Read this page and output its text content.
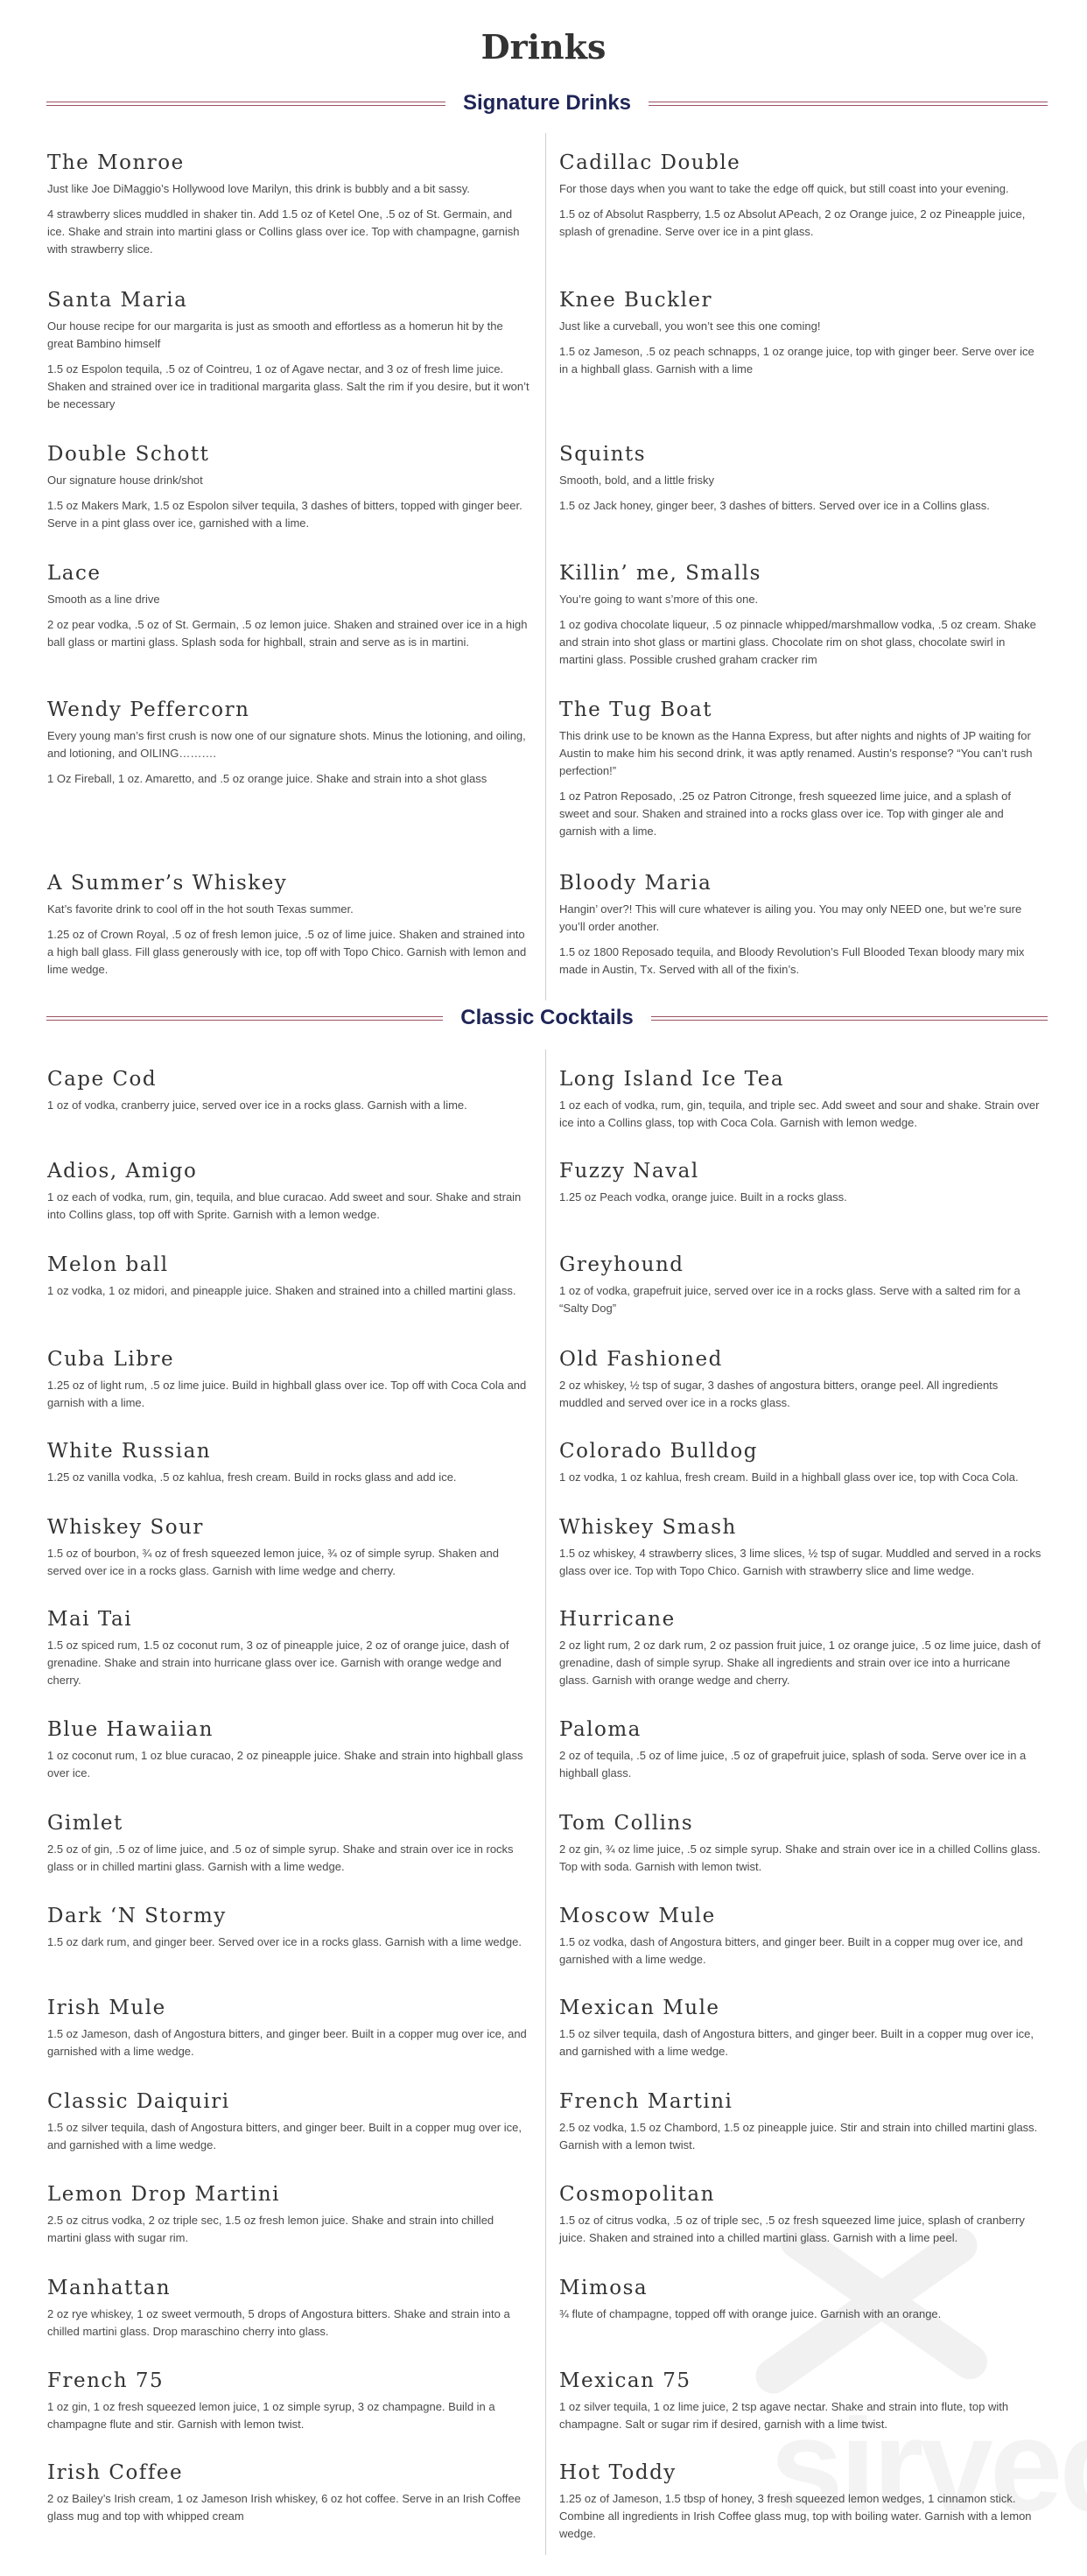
Drinks
Signature Drinks
The Monroe

Just like Joe DiMaggio’s Hollywood love Marilyn, this drink is bubbly and a bit sassy.

4 strawberry slices muddled in shaker tin. Add 1.5 oz of Ketel One, .5 oz of St. Germain, and ice. Shake and strain into martini glass or Collins glass over ice. Top with champagne, garnish with strawberry slice.

Cadillac Double

For those days when you want to take the edge off quick, but still coast into your evening.

1.5 oz of Absolut Raspberry, 1.5 oz Absolut APeach, 2 oz Orange juice, 2 oz Pineapple juice, splash of grenadine. Serve over ice in a pint glass.

Santa Maria

Our house recipe for our margarita is just as smooth and effortless as a homerun hit by the great Bambino himself

1.5 oz Espolon tequila, .5 oz of Cointreu, 1 oz of Agave nectar, and 3 oz of fresh lime juice. Shaken and strained over ice in traditional margarita glass. Salt the rim if you desire, but it won’t be necessary

Knee Buckler

Just like a curveball, you won’t see this one coming!

1.5 oz Jameson, .5 oz peach schnapps, 1 oz orange juice, top with ginger beer. Serve over ice in a highball glass. Garnish with a lime

Double Schott

Our signature house drink/shot

1.5 oz Makers Mark, 1.5 oz Espolon silver tequila, 3 dashes of bitters, topped with ginger beer. Serve in a pint glass over ice, garnished with a lime.

Squints

Smooth, bold, and a little frisky

1.5 oz Jack honey, ginger beer, 3 dashes of bitters. Served over ice in a Collins glass.

Lace

Smooth as a line drive

2 oz pear vodka, .5 oz of St. Germain, .5 oz lemon juice. Shaken and strained over ice in a high ball glass or martini glass. Splash soda for highball, strain and serve as is in martini.

Killin’ me, Smalls

You’re going to want s’more of this one.

1 oz godiva chocolate liqueur, .5 oz pinnacle whipped/marshmallow vodka, .5 oz cream. Shake and strain into shot glass or martini glass. Chocolate rim on shot glass, chocolate swirl in martini glass. Possible crushed graham cracker rim

Wendy Peffercorn

Every young man’s first crush is now one of our signature shots. Minus the lotioning, and oiling, and lotioning, and OILING……….

1 Oz Fireball, 1 oz. Amaretto, and .5 oz orange juice. Shake and strain into a shot glass

The Tug Boat

This drink use to be known as the Hanna Express, but after nights and nights of JP waiting for Austin to make him his second drink, it was aptly renamed. Austin’s response? “You can’t rush perfection!”

1 oz Patron Reposado, .25 oz Patron Citronge, fresh squeezed lime juice, and a splash of sweet and sour. Shaken and strained into a rocks glass over ice. Top with ginger ale and garnish with a lime.

A Summer’s Whiskey

Kat’s favorite drink to cool off in the hot south Texas summer.

1.25 oz of Crown Royal, .5 oz of fresh lemon juice, .5 oz of lime juice. Shaken and strained into a high ball glass. Fill glass generously with ice, top off with Topo Chico. Garnish with lemon and lime wedge.

Bloody Maria

Hangin’ over?! This will cure whatever is ailing you. You may only NEED one, but we’re sure you’ll order another.

1.5 oz 1800 Reposado tequila, and Bloody Revolution’s Full Blooded Texan bloody mary mix made in Austin, Tx. Served with all of the fixin’s.

Classic Cocktails
Cape Cod

1 oz of vodka, cranberry juice, served over ice in a rocks glass. Garnish with a lime.

Long Island Ice Tea

1 oz each of vodka, rum, gin, tequila, and triple sec. Add sweet and sour and shake. Strain over ice into a Collins glass, top with Coca Cola. Garnish with lemon wedge.

Adios, Amigo

1 oz each of vodka, rum, gin, tequila, and blue curacao. Add sweet and sour. Shake and strain into Collins glass, top off with Sprite. Garnish with a lemon wedge.

Fuzzy Naval

1.25 oz Peach vodka, orange juice. Built in a rocks glass.

Melon ball

1 oz vodka, 1 oz midori, and pineapple juice. Shaken and strained into a chilled martini glass.

Greyhound

1 oz of vodka, grapefruit juice, served over ice in a rocks glass. Serve with a salted rim for a “Salty Dog”

Cuba Libre

1.25 oz of light rum, .5 oz lime juice. Build in highball glass over ice. Top off with Coca Cola and garnish with a lime.

Old Fashioned

2 oz whiskey, ½ tsp of sugar, 3 dashes of angostura bitters, orange peel. All ingredients muddled and served over ice in a rocks glass.

White Russian

1.25 oz vanilla vodka, .5 oz kahlua, fresh cream. Build in rocks glass and add ice.

Colorado Bulldog

1 oz vodka, 1 oz kahlua, fresh cream. Build in a highball glass over ice, top with Coca Cola.

Whiskey Sour

1.5 oz of bourbon, ¾ oz of fresh squeezed lemon juice, ¾ oz of simple syrup. Shaken and served over ice in a rocks glass. Garnish with lime wedge and cherry.

Whiskey Smash

1.5 oz whiskey, 4 strawberry slices, 3 lime slices, ½ tsp of sugar. Muddled and served in a rocks glass over ice. Top with Topo Chico. Garnish with strawberry slice and lime wedge.

Mai Tai

1.5 oz spiced rum, 1.5 oz coconut rum, 3 oz of pineapple juice, 2 oz of orange juice, dash of grenadine. Shake and strain into hurricane glass over ice. Garnish with orange wedge and cherry.

Hurricane

2 oz light rum, 2 oz dark rum, 2 oz passion fruit juice, 1 oz orange juice, .5 oz lime juice, dash of grenadine, dash of simple syrup. Shake all ingredients and strain over ice into a hurricane glass. Garnish with orange wedge and cherry.

Blue Hawaiian

1 oz coconut rum, 1 oz blue curacao, 2 oz pineapple juice. Shake and strain into highball glass over ice.

Paloma

2 oz of tequila, .5 oz of lime juice, .5 oz of grapefruit juice, splash of soda. Serve over ice in a highball glass.

Gimlet

2.5 oz of gin, .5 oz of lime juice, and .5 oz of simple syrup. Shake and strain over ice in rocks glass or in chilled martini glass. Garnish with a lime wedge.

Tom Collins

2 oz gin, ¾ oz lime juice, .5 oz simple syrup. Shake and strain over ice in a chilled Collins glass. Top with soda. Garnish with lemon twist.

Dark ‘N Stormy

1.5 oz dark rum, and ginger beer. Served over ice in a rocks glass. Garnish with a lime wedge.

Moscow Mule

1.5 oz vodka, dash of Angostura bitters, and ginger beer. Built in a copper mug over ice, and garnished with a lime wedge.

Irish Mule

1.5 oz Jameson, dash of Angostura bitters, and ginger beer. Built in a copper mug over ice, and garnished with a lime wedge.

Mexican Mule

1.5 oz silver tequila, dash of Angostura bitters, and ginger beer. Built in a copper mug over ice, and garnished with a lime wedge.

Classic Daiquiri

1.5 oz silver tequila, dash of Angostura bitters, and ginger beer. Built in a copper mug over ice, and garnished with a lime wedge.

French Martini

2.5 oz vodka, 1.5 oz Chambord, 1.5 oz pineapple juice. Stir and strain into chilled martini glass. Garnish with a lemon twist.

Lemon Drop Martini

2.5 oz citrus vodka, 2 oz triple sec, 1.5 oz fresh lemon juice. Shake and strain into chilled martini glass with sugar rim.

Cosmopolitan

1.5 oz of citrus vodka, .5 oz of triple sec, .5 oz fresh squeezed lime juice, splash of cranberry juice. Shaken and strained into a chilled martini glass. Garnish with a lime peel.

Manhattan

2 oz rye whiskey, 1 oz sweet vermouth, 5 drops of Angostura bitters. Shake and strain into a chilled martini glass. Drop maraschino cherry into glass.

Mimosa

¾ flute of champagne, topped off with orange juice. Garnish with an orange.

French 75

1 oz gin, 1 oz fresh squeezed lemon juice, 1 oz simple syrup, 3 oz champagne. Build in a champagne flute and stir. Garnish with lemon twist.

Mexican 75

1 oz silver tequila, 1 oz lime juice, 2 tsp agave nectar. Shake and strain into flute, top with champagne. Salt or sugar rim if desired, garnish with a lime twist.

Irish Coffee

2 oz Bailey’s Irish cream, 1 oz Jameson Irish whiskey, 6 oz hot coffee. Serve in an Irish Coffee glass mug and top with whipped cream

Hot Toddy

1.25 oz of Jameson, 1.5 tbsp of honey, 3 fresh squeezed lemon wedges, 1 cinnamon stick. Combine all ingredients in Irish Coffee glass mug, top with boiling water. Garnish with a lemon wedge.
